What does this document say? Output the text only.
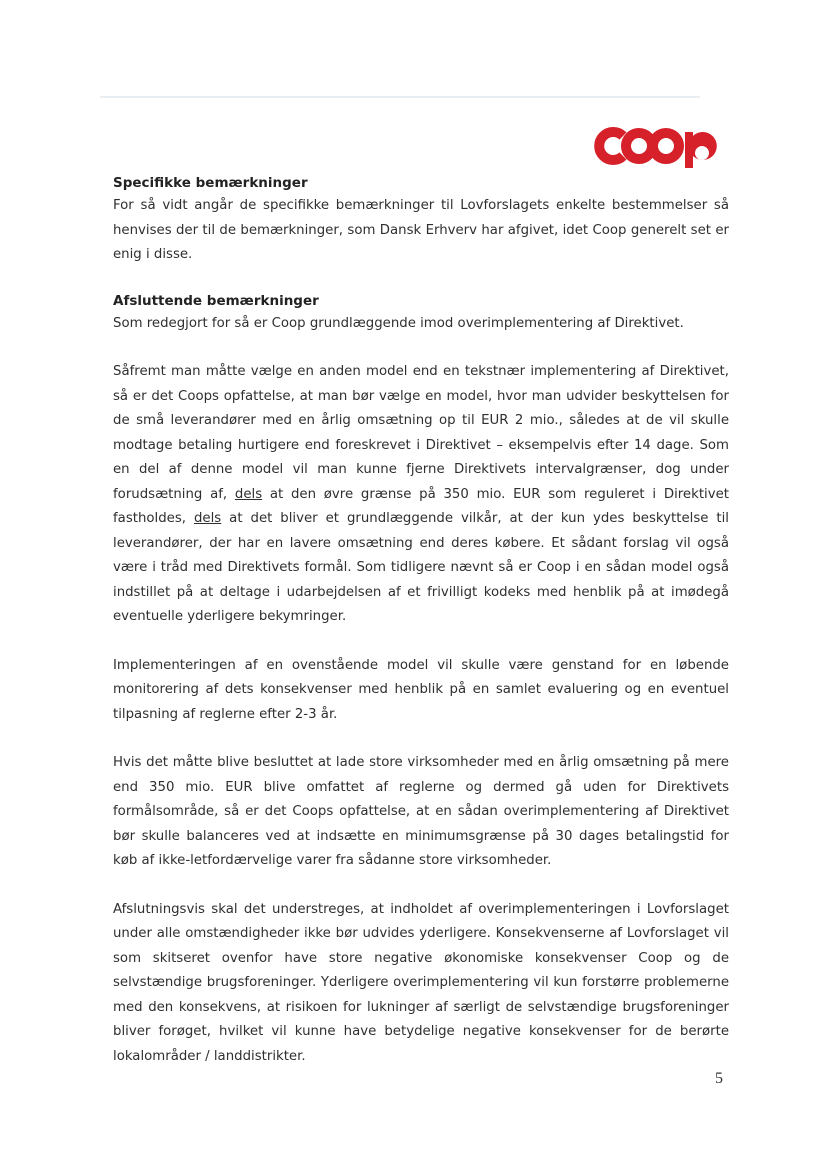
Specifikke bemærkninger

For så vidt angår de specifikke bemærkninger til Lovforslagets enkelte bestemmelser så henvises der til de bemærkninger, som Dansk Erhverv har afgivet, idet Coop generelt set er enig i disse.

Afsluttende bemærkninger

Som redegjort for så er Coop grundlæggende imod overimplementering af Direktivet.

Såfremt man måtte vælge en anden model end en tekstnær implementering af Direktivet, så er det Coops opfattelse, at man bør vælge en model, hvor man udvider beskyttelsen for de små leverandører med en årlig omsætning op til EUR 2 mio., således at de vil skulle modtage betaling hurtigere end foreskrevet i Direktivet – eksempelvis efter 14 dage. Som en del af denne model vil man kunne fjerne Direktivets intervalgrænser, dog under forudsætning af, dels at den øvre grænse på 350 mio. EUR som reguleret i Direktivet fastholdes, dels at det bliver et grundlæggende vilkår, at der kun ydes beskyttelse til leverandører, der har en lavere omsætning end deres købere. Et sådant forslag vil også være i tråd med Direktivets formål. Som tidligere nævnt så er Coop i en sådan model også indstillet på at deltage i udarbejdelsen af et frivilligt kodeks med henblik på at imødegå eventuelle yderligere bekymringer.

Implementeringen af en ovenstående model vil skulle være genstand for en løbende monitorering af dets konsekvenser med henblik på en samlet evaluering og en eventuel tilpasning af reglerne efter 2-3 år.

Hvis det måtte blive besluttet at lade store virksomheder med en årlig omsætning på mere end 350 mio. EUR blive omfattet af reglerne og dermed gå uden for Direktivets formålsområde, så er det Coops opfattelse, at en sådan overimplementering af Direktivet bør skulle balanceres ved at indsætte en minimumsgrænse på 30 dages betalingstid for køb af ikke-letfordærvelige varer fra sådanne store virksomheder.

Afslutningsvis skal det understreges, at indholdet af overimplementeringen i Lovforslaget under alle omstændigheder ikke bør udvides yderligere. Konsekvenserne af Lovforslaget vil som skitseret ovenfor have store negative økonomiske konsekvenser Coop og de selvstændige brugsforeninger. Yderligere overimplementering vil kun forstørre problemerne med den konsekvens, at risikoen for lukninger af særligt de selvstændige brugsforeninger bliver forøget, hvilket vil kunne have betydelige negative konsekvenser for de berørte lokalområder / landdistrikter.

5
